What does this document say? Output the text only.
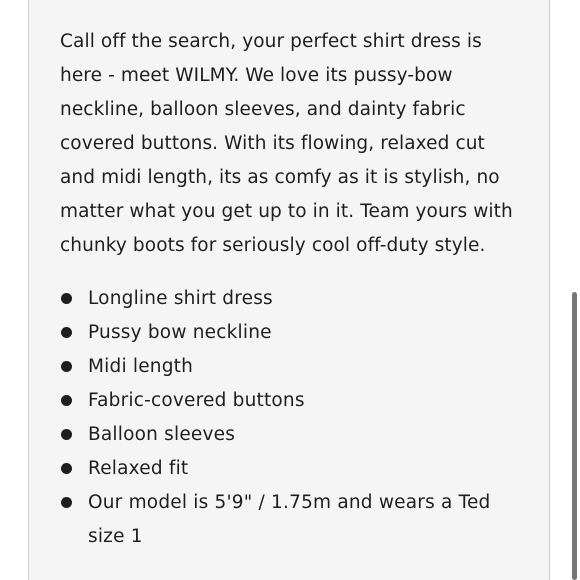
Call off the search, your perfect shirt dress is here - meet WILMY. We love its pussy-bow neckline, balloon sleeves, and dainty fabric covered buttons. With its flowing, relaxed cut and midi length, its as comfy as it is stylish, no matter what you get up to in it. Team yours with chunky boots for seriously cool off-duty style.

Longline shirt dress
Pussy bow neckline
Midi length
Fabric-covered buttons
Balloon sleeves
Relaxed fit
Our model is 5'9" / 1.75m and wears a Ted size 1
